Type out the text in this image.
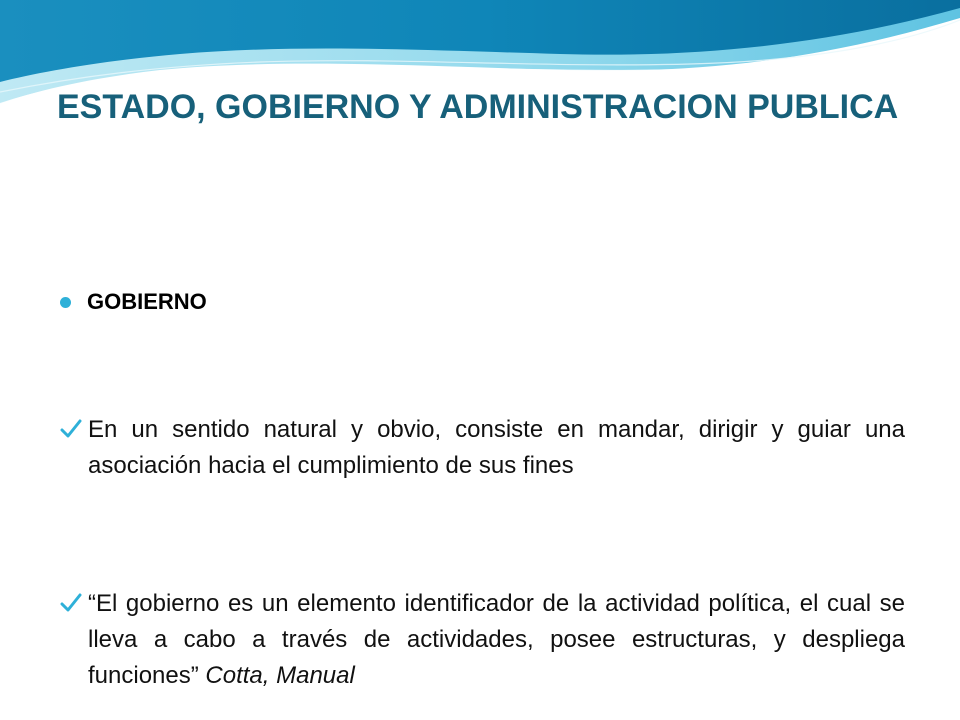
ESTADO, GOBIERNO Y ADMINISTRACION PUBLICA
GOBIERNO
En un sentido natural y obvio, consiste en mandar, dirigir y guiar una asociación hacia el cumplimiento de sus fines
“El gobierno es un elemento identificador de la actividad política, el cual se lleva a cabo a través de actividades, posee estructuras, y despliega funciones” Cotta, Manual
